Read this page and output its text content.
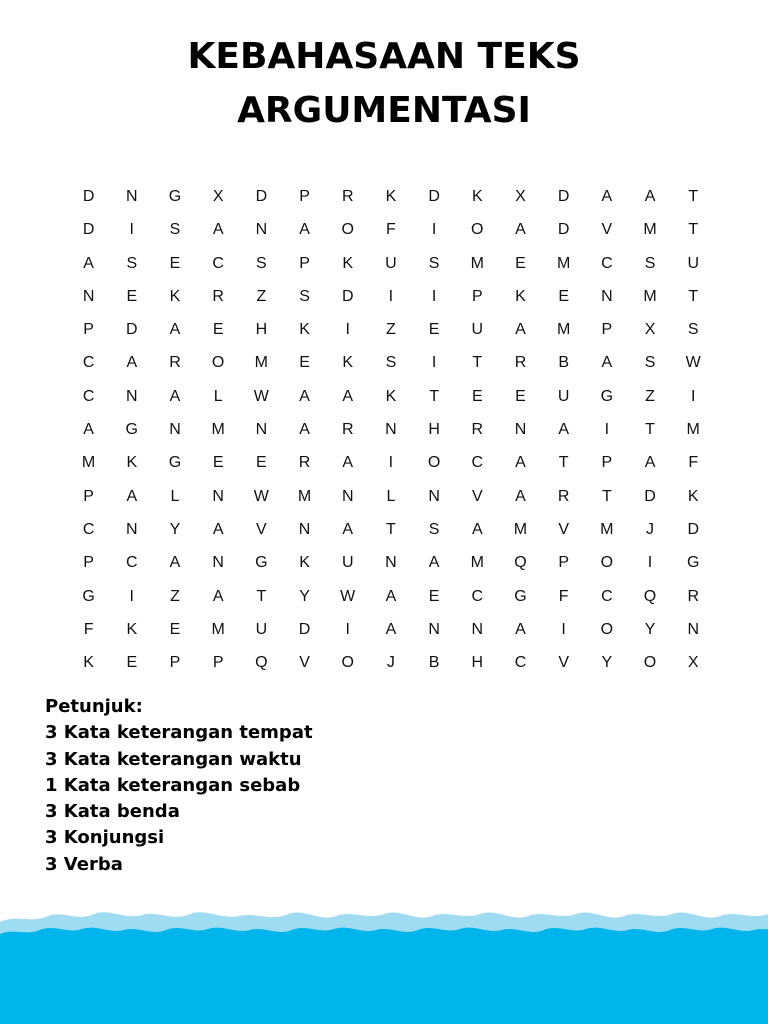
KEBAHASAAN TEKS
ARGUMENTASI
D	N	G	X	D	P	R	K	D	K	X	D	A	A	T
D	I	S	A	N	A	O	F	I	O	A	D	V	M	T
A	S	E	C	S	P	K	U	S	M	E	M	C	S	U
N	E	K	R	Z	S	D	I	I	P	K	E	N	M	T
P	D	A	E	H	K	I	Z	E	U	A	M	P	X	S
C	A	R	O	M	E	K	S	I	T	R	B	A	S	W
C	N	A	L	W	A	A	K	T	E	E	U	G	Z	I
A	G	N	M	N	A	R	N	H	R	N	A	I	T	M
M	K	G	E	E	R	A	I	O	C	A	T	P	A	F
P	A	L	N	W	M	N	L	N	V	A	R	T	D	K
C	N	Y	A	V	N	A	T	S	A	M	V	M	J	D
P	C	A	N	G	K	U	N	A	M	Q	P	O	I	G
G	I	Z	A	T	Y	W	A	E	C	G	F	C	Q	R
F	K	E	M	U	D	I	A	N	N	A	I	O	Y	N
K	E	P	P	Q	V	O	J	B	H	C	V	Y	O	X
Petunjuk:
3 Kata keterangan tempat
3 Kata keterangan waktu
1 Kata keterangan sebab
3 Kata benda
3 Konjungsi
3 Verba
